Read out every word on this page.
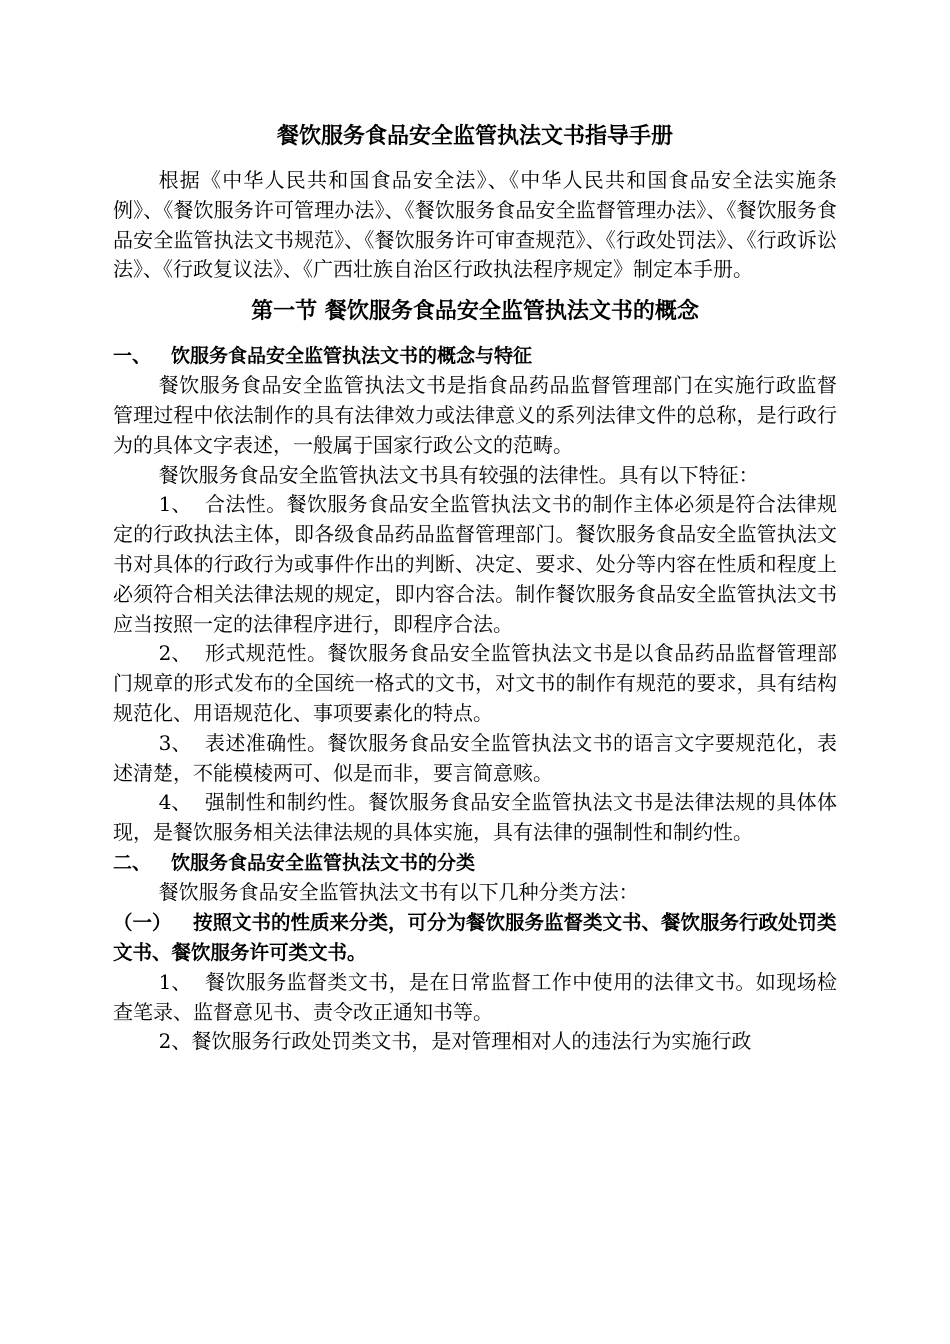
餐饮服务食品安全监管执法文书指导手册

根据《中华人民共和国食品安全法》、《中华人民共和国食品安全法实施条例》、《餐饮服务许可管理办法》、《餐饮服务食品安全监督管理办法》、《餐饮服务食品安全监管执法文书规范》、《餐饮服务许可审查规范》、《行政处罚法》、《行政诉讼法》、《行政复议法》、《广西壮族自治区行政执法程序规定》制定本手册。

第一节 餐饮服务食品安全监管执法文书的概念
一、 饮服务食品安全监管执法文书的概念与特征

餐饮服务食品安全监管执法文书是指食品药品监督管理部门在实施行政监督管理过程中依法制作的具有法律效力或法律意义的系列法律文件的总称，是行政行为的具体文字表述，一般属于国家行政公文的范畴。

餐饮服务食品安全监管执法文书具有较强的法律性。具有以下特征：

1、 合法性。餐饮服务食品安全监管执法文书的制作主体必须是符合法律规定的行政执法主体，即各级食品药品监督管理部门。餐饮服务食品安全监管执法文书对具体的行政行为或事件作出的判断、决定、要求、处分等内容在性质和程度上必须符合相关法律法规的规定，即内容合法。制作餐饮服务食品安全监管执法文书应当按照一定的法律程序进行，即程序合法。

2、 形式规范性。餐饮服务食品安全监管执法文书是以食品药品监督管理部门规章的形式发布的全国统一格式的文书，对文书的制作有规范的要求，具有结构规范化、用语规范化、事项要素化的特点。

3、 表述准确性。餐饮服务食品安全监管执法文书的语言文字要规范化，表述清楚，不能模棱两可、似是而非，要言简意赅。

4、 强制性和制约性。餐饮服务食品安全监管执法文书是法律法规的具体体现，是餐饮服务相关法律法规的具体实施，具有法律的强制性和制约性。

二、 饮服务食品安全监管执法文书的分类

餐饮服务食品安全监管执法文书有以下几种分类方法：

（一） 按照文书的性质来分类，可分为餐饮服务监督类文书、餐饮服务行政处罚类文书、餐饮服务许可类文书。

1、 餐饮服务监督类文书，是在日常监督工作中使用的法律文书。如现场检查笔录、监督意见书、责令改正通知书等。

2、餐饮服务行政处罚类文书，是对管理相对人的违法行为实施行政
